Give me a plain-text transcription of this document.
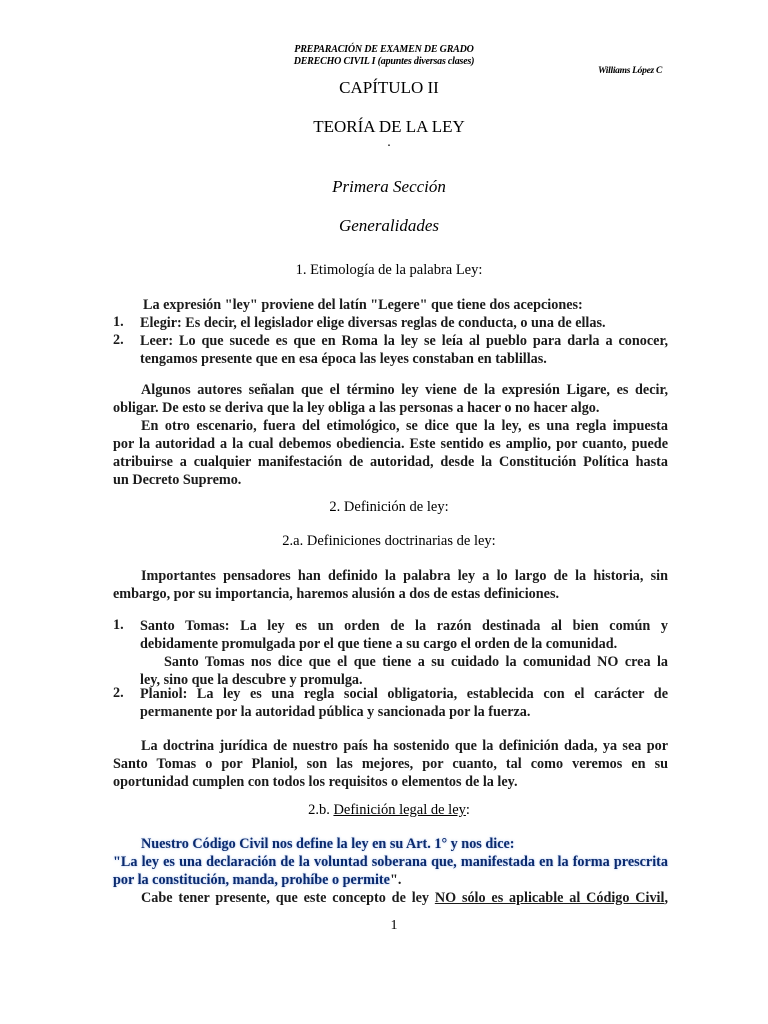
PREPARACIÓN DE EXAMEN DE GRADO
DERECHO CIVIL I (apuntes diversas clases)
Williams López C
CAPÍTULO II
TEORÍA DE LA LEY
.
Primera Sección
Generalidades
1. Etimología de la palabra Ley:
La expresión "ley" proviene del latín "Legere" que tiene dos acepciones:
1. Elegir: Es decir, el legislador elige diversas reglas de conducta, o una de ellas.
2. Leer: Lo que sucede es que en Roma la ley se leía al pueblo para darla a conocer,
tengamos presente que en esa época las leyes constaban en tablillas.
Algunos autores señalan que el término ley viene de la expresión Ligare, es decir,
obligar. De esto se deriva que la ley obliga a las personas a hacer o no hacer algo.
En otro escenario, fuera del etimológico, se dice que la ley, es una regla impuesta
por la autoridad a la cual debemos obediencia. Este sentido es amplio, por cuanto, puede
atribuirse a cualquier manifestación de autoridad, desde la Constitución Política hasta
un Decreto Supremo.
2. Definición de ley:
2.a. Definiciones doctrinarias de ley:
Importantes pensadores han definido la palabra ley a lo largo de la historia, sin
embargo, por su importancia, haremos alusión a dos de estas definiciones.
1. Santo Tomas: La ley es un orden de la razón destinada al bien común y
debidamente promulgada por el que tiene a su cargo el orden de la comunidad.
Santo Tomas nos dice que el que tiene a su cuidado la comunidad NO crea la
ley, sino que la descubre y promulga.
2. Planiol: La ley es una regla social obligatoria, establecida con el carácter de
permanente por la autoridad pública y sancionada por la fuerza.
La doctrina jurídica de nuestro país ha sostenido que la definición dada, ya sea por
Santo Tomas o por Planiol, son las mejores, por cuanto, tal como veremos en su
oportunidad cumplen con todos los requisitos o elementos de la ley.
2.b. Definición legal de ley:
Nuestro Código Civil nos define la ley en su Art. 1° y nos dice:
"La ley es una declaración de la voluntad soberana que, manifestada en la forma prescrita
por la constitución, manda, prohíbe o permite".
Cabe tener presente, que este concepto de ley NO sólo es aplicable al Código Civil,
1
